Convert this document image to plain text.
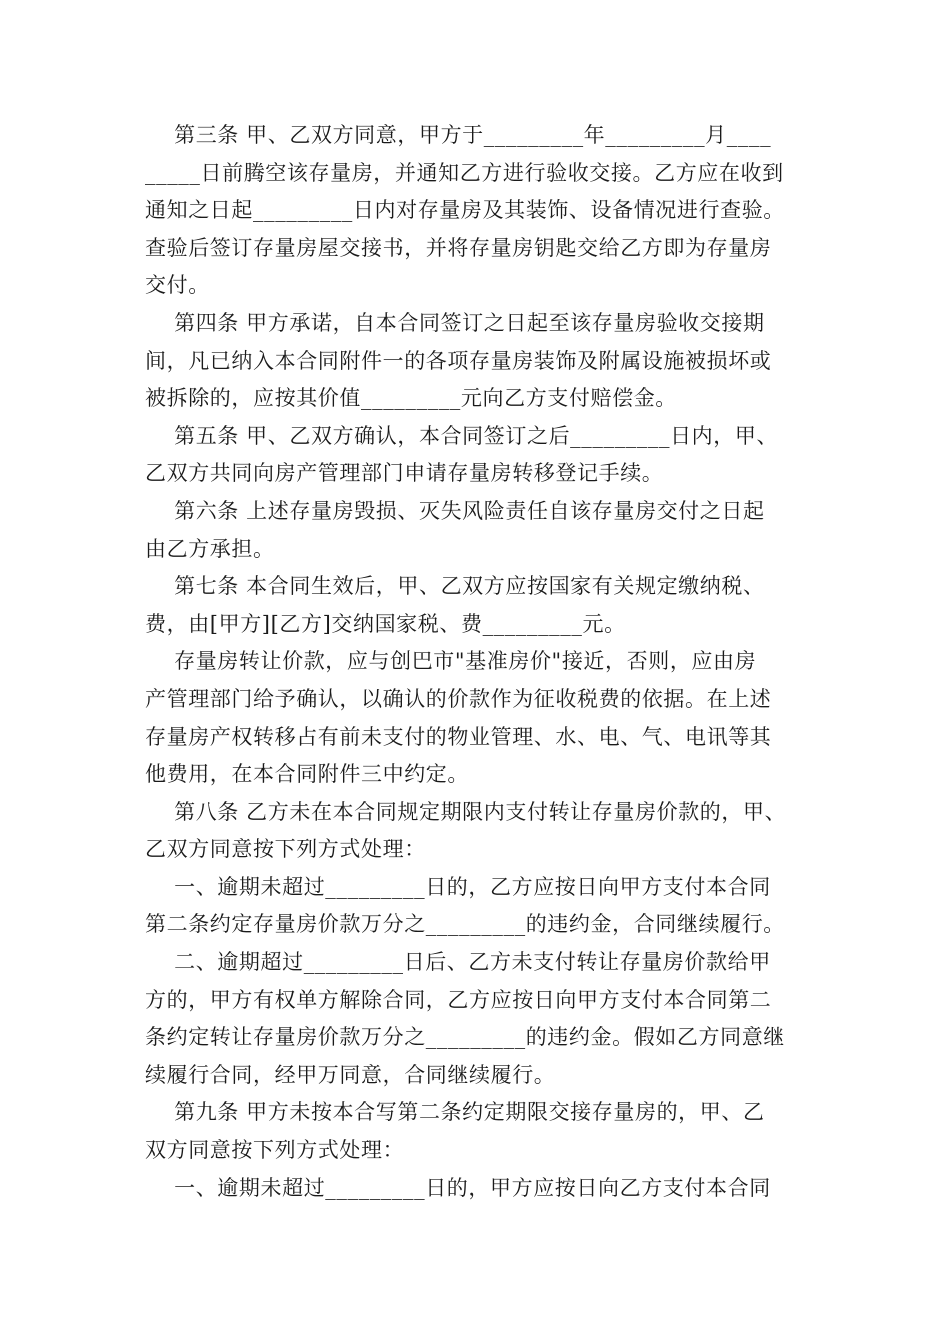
第三条 甲、乙双方同意，甲方于_________年_________月____
_____日前腾空该存量房，并通知乙方进行验收交接。乙方应在收到
通知之日起_________日内对存量房及其装饰、设备情况进行查验。
查验后签订存量房屋交接书，并将存量房钥匙交给乙方即为存量房
交付。
第四条 甲方承诺，自本合同签订之日起至该存量房验收交接期
间，凡已纳入本合同附件一的各项存量房装饰及附属设施被损坏或
被拆除的，应按其价值_________元向乙方支付赔偿金。
第五条 甲、乙双方确认，本合同签订之后_________日内，甲、
乙双方共同向房产管理部门申请存量房转移登记手续。
第六条 上述存量房毁损、灭失风险责任自该存量房交付之日起
由乙方承担。
第七条 本合同生效后，甲、乙双方应按国家有关规定缴纳税、
费，由[甲方][乙方]交纳国家税、费_________元。
存量房转让价款，应与创巴市"基准房价"接近，否则，应由房
产管理部门给予确认，以确认的价款作为征收税费的依据。在上述
存量房产权转移占有前未支付的物业管理、水、电、气、电讯等其
他费用，在本合同附件三中约定。
第八条 乙方未在本合同规定期限内支付转让存量房价款的，甲、
乙双方同意按下列方式处理：
一、逾期未超过_________日的，乙方应按日向甲方支付本合同
第二条约定存量房价款万分之_________的违约金，合同继续履行。
二、逾期超过_________日后、乙方未支付转让存量房价款给甲
方的，甲方有权单方解除合同，乙方应按日向甲方支付本合同第二
条约定转让存量房价款万分之_________的违约金。假如乙方同意继
续履行合同，经甲万同意，合同继续履行。
第九条 甲方未按本合写第二条约定期限交接存量房的，甲、乙
双方同意按下列方式处理：
一、逾期未超过_________日的，甲方应按日向乙方支付本合同
